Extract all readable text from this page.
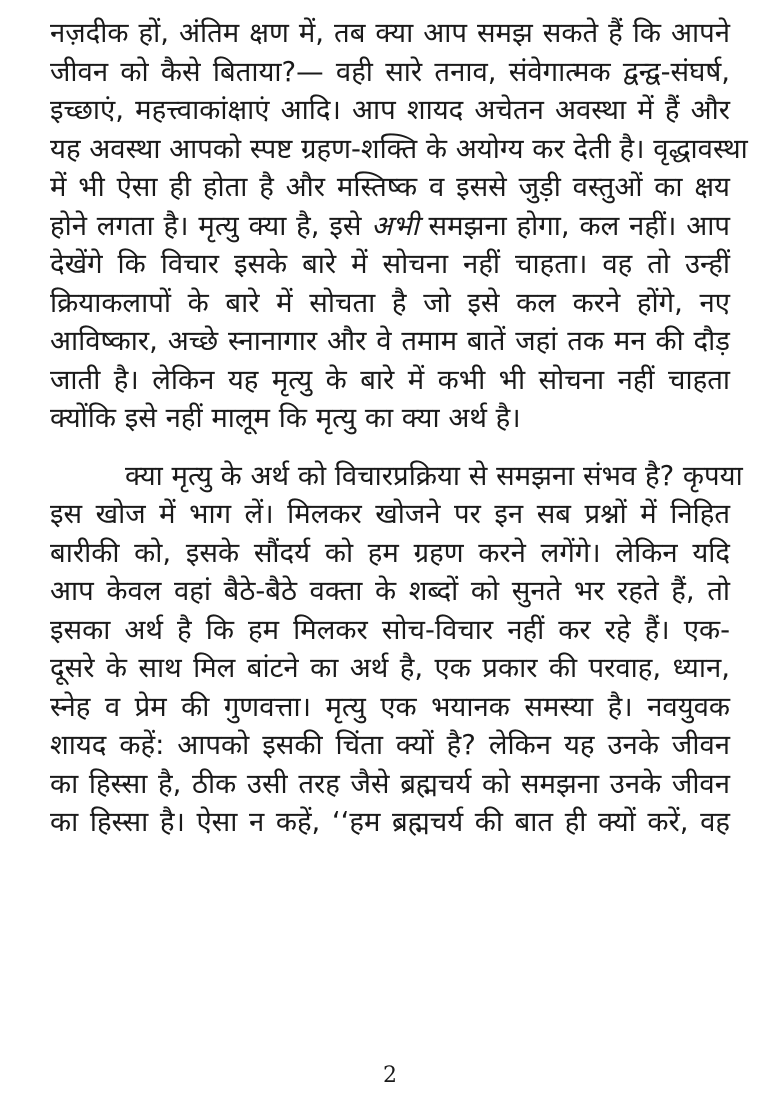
नज़दीक हों, अंतिम क्षण में, तब क्या आप समझ सकते हैं कि आपने
जीवन को कैसे बिताया?— वही सारे तनाव, संवेगात्मक द्वन्द्व-संघर्ष,
इच्छाएं, महत्त्वाकांक्षाएं आदि। आप शायद अचेतन अवस्था में हैं और
यह अवस्था आपको स्पष्ट ग्रहण-शक्ति के अयोग्य कर देती है। वृद्धावस्था
में भी ऐसा ही होता है और मस्तिष्क व इससे जुड़ी वस्तुओं का क्षय
होने लगता है। मृत्यु क्या है, इसे अभी समझना होगा, कल नहीं। आप
देखेंगे कि विचार इसके बारे में सोचना नहीं चाहता। वह तो उन्हीं
क्रियाकलापों के बारे में सोचता है जो इसे कल करने होंगे, नए
आविष्कार, अच्छे स्नानागार और वे तमाम बातें जहां तक मन की दौड़
जाती है। लेकिन यह मृत्यु के बारे में कभी भी सोचना नहीं चाहता
क्योंकि इसे नहीं मालूम कि मृत्यु का क्या अर्थ है।
क्या मृत्यु के अर्थ को विचारप्रक्रिया से समझना संभव है? कृपया
इस खोज में भाग लें। मिलकर खोजने पर इन सब प्रश्नों में निहित
बारीकी को, इसके सौंदर्य को हम ग्रहण करने लगेंगे। लेकिन यदि
आप केवल वहां बैठे-बैठे वक्ता के शब्दों को सुनते भर रहते हैं, तो
इसका अर्थ है कि हम मिलकर सोच-विचार नहीं कर रहे हैं। एक-
दूसरे के साथ मिल बांटने का अर्थ है, एक प्रकार की परवाह, ध्यान,
स्नेह व प्रेम की गुणवत्ता। मृत्यु एक भयानक समस्या है। नवयुवक
शायद कहें: आपको इसकी चिंता क्यों है? लेकिन यह उनके जीवन
का हिस्सा है, ठीक उसी तरह जैसे ब्रह्मचर्य को समझना उनके जीवन
का हिस्सा है। ऐसा न कहें, ‘‘हम ब्रह्मचर्य की बात ही क्यों करें, वह
2
